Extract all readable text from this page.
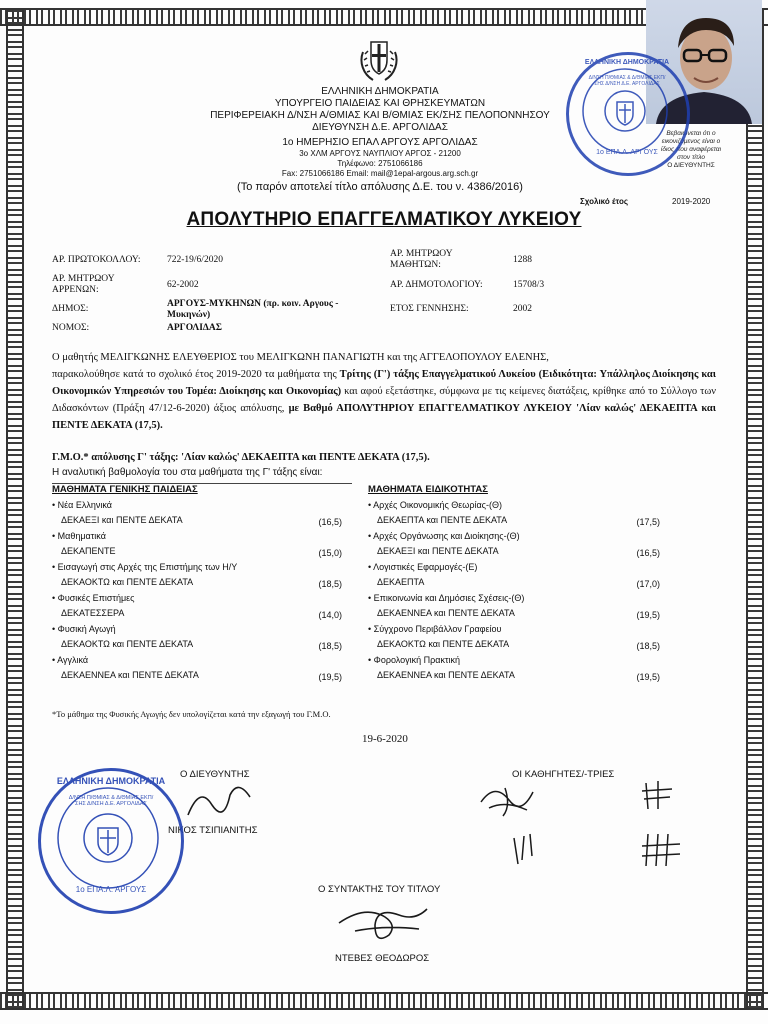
ΕΛΛΗΝΙΚΗ ΔΗΜΟΚΡΑΤΙΑ
ΥΠΟΥΡΓΕΙΟ ΠΑΙΔΕΙΑΣ ΚΑΙ ΘΡΗΣΚΕΥΜΑΤΩΝ
ΠΕΡΙΦΕΡΕΙΑΚΗ Δ/ΝΣΗ Α/ΘΜΙΑΣ ΚΑΙ Β/ΘΜΙΑΣ ΕΚ/ΣΗΣ ΠΕΛΟΠΟΝΝΗΣΟΥ
ΔΙΕΥΘΥΝΣΗ Δ.Ε. ΑΡΓΟΛΙΔΑΣ
1ο ΗΜΕΡΗΣΙΟ ΕΠΑΛ ΑΡΓΟΥΣ ΑΡΓΟΛΙΔΑΣ
3ο ΧΛΜ ΑΡΓΟΥΣ ΝΑΥΠΛΙΟΥ ΑΡΓΟΣ - 21200
Τηλέφωνο: 2751066186
Fax: 2751066186 Email: mail@1epal-argous.arg.sch.gr
(Το παρόν αποτελεί τίτλο απόλυσης Δ.Ε. του ν. 4386/2016)
Βεβαιώνεται ότι ο
εικονιζόμενος είναι ο
ίδιος που αναφέρεται
στον τίτλο
Ο ΔΙΕΥΘΥΝΤΗΣ
Σχολικό έτος	2019-2020
ΕΛΛΗΝΙΚΗ ΔΗΜΟΚΡΑΤΙΑ
Δ/ΝΣΗ Π/ΘΜΙΑΣ & Δ/ΘΜΙΑΣ ΕΚΠ/ΣΗΣ Δ/ΝΣΗ Δ.Ε. ΑΡΓΟΛΙΔΑΣ
1ο ΕΠΑ.Λ. ΑΡΓΟΥΣ
ΑΠΟΛΥΤΗΡΙΟ ΕΠΑΓΓΕΛΜΑΤΙΚΟΥ ΛΥΚΕΙΟΥ
ΑΡ. ΠΡΩΤΟΚΟΛΛΟΥ:	722-19/6/2020
ΑΡ. ΜΗΤΡΩΟΥ ΜΑΘΗΤΩΝ:	1288
ΑΡ. ΜΗΤΡΩΟΥ ΑΡΡΕΝΩΝ:	62-2002	ΑΡ. ΔΗΜΟΤΟΛΟΓΙΟΥ:	15708/3
ΔΗΜΟΣ:	ΑΡΓΟΥΣ-ΜΥΚΗΝΩΝ (πρ. κοιν. Αργους - Μυκηνών)
ΕΤΟΣ ΓΕΝΝΗΣΗΣ:	2002
ΝΟΜΟΣ:	ΑΡΓΟΛΙΔΑΣ
Ο μαθητής ΜΕΛΙΓΚΩΝΗΣ ΕΛΕΥΘΕΡΙΟΣ του ΜΕΛΙΓΚΩΝΗ ΠΑΝΑΓΙΩΤΗ και της ΑΓΓΕΛΟΠΟΥΛΟΥ ΕΛΕΝΗΣ,
παρακολούθησε κατά το σχολικό έτος 2019-2020 τα μαθήματα της Τρίτης (Γ') τάξης Επαγγελματικού Λυκείου (Ειδικότητα: Υπάλληλος Διοίκησης και Οικονομικών Υπηρεσιών του Τομέα: Διοίκησης και Οικονομίας) και αφού εξετάστηκε, σύμφωνα με τις κείμενες διατάξεις, κρίθηκε από το Σύλλογο των Διδασκόντων (Πράξη 47/12-6-2020) άξιος απόλυσης, με Βαθμό ΑΠΟΛΥΤΗΡΙΟΥ ΕΠΑΓΓΕΛΜΑΤΙΚΟΥ ΛΥΚΕΙΟΥ 'Λίαν καλώς' ΔΕΚΑΕΠΤΑ και ΠΕΝΤΕ ΔΕΚΑΤΑ (17,5).
Γ.Μ.Ο.* απόλυσης Γ' τάξης: 'Λίαν καλώς' ΔΕΚΑΕΠΤΑ και ΠΕΝΤΕ ΔΕΚΑΤΑ (17,5).
Η αναλυτική βαθμολογία του στα μαθήματα της Γ' τάξης είναι:
ΜΑΘΗΜΑΤΑ ΓΕΝΙΚΗΣ ΠΑΙΔΕΙΑΣ	ΜΑΘΗΜΑΤΑ ΕΙΔΙΚΟΤΗΤΑΣ
• Νέα Ελληνικά
ΔΕΚΑΕΞΙ και ΠΕΝΤΕ ΔΕΚΑΤΑ	(16,5)
• Μαθηματικά
ΔΕΚΑΠΕΝΤΕ	(15,0)
• Εισαγωγή στις Αρχές της Επιστήμης των Η/Υ
ΔΕΚΑΟΚΤΩ και ΠΕΝΤΕ ΔΕΚΑΤΑ	(18,5)
• Φυσικές Επιστήμες
ΔΕΚΑΤΕΣΣΕΡΑ	(14,0)
• Φυσική Αγωγή
ΔΕΚΑΟΚΤΩ και ΠΕΝΤΕ ΔΕΚΑΤΑ	(18,5)
• Αγγλικά
ΔΕΚΑΕΝΝΕΑ και ΠΕΝΤΕ ΔΕΚΑΤΑ	(19,5)
• Αρχές Οικονομικής Θεωρίας-(Θ)
ΔΕΚΑΕΠΤΑ και ΠΕΝΤΕ ΔΕΚΑΤΑ	(17,5)
• Αρχές Οργάνωσης και Διοίκησης-(Θ)
ΔΕΚΑΕΞΙ και ΠΕΝΤΕ ΔΕΚΑΤΑ	(16,5)
• Λογιστικές Εφαρμογές-(Ε)
ΔΕΚΑΕΠΤΑ	(17,0)
• Επικοινωνία και Δημόσιες Σχέσεις-(Θ)
ΔΕΚΑΕΝΝΕΑ και ΠΕΝΤΕ ΔΕΚΑΤΑ	(19,5)
• Σύγχρονο Περιβάλλον Γραφείου
ΔΕΚΑΟΚΤΩ και ΠΕΝΤΕ ΔΕΚΑΤΑ	(18,5)
• Φορολογική Πρακτική
ΔΕΚΑΕΝΝΕΑ και ΠΕΝΤΕ ΔΕΚΑΤΑ	(19,5)
*Το μάθημα της Φυσικής Αγωγής δεν υπολογίζεται κατά την εξαγωγή του Γ.Μ.Ο.
19-6-2020
Ο ΔΙΕΥΘΥΝΤΗΣ	ΟΙ ΚΑΘΗΓΗΤΕΣ/-ΤΡΙΕΣ
ΝΙΚΟΣ ΤΣΙΠΙΑΝΙΤΗΣ
Ο ΣΥΝΤΑΚΤΗΣ ΤΟΥ ΤΙΤΛΟΥ
ΝΤΕΒΕΣ ΘΕΟΔΩΡΟΣ
ΕΛΛΗΝΙΚΗ ΔΗΜΟΚΡΑΤΙΑ
Δ/ΝΣΗ Π/ΘΜΙΑΣ & Δ/ΘΜΙΑΣ ΕΚΠ/ΣΗΣ Δ/ΝΣΗ Δ.Ε. ΑΡΓΟΛΙΔΑΣ
1ο ΕΠΑ.Λ. ΑΡΓΟΥΣ
